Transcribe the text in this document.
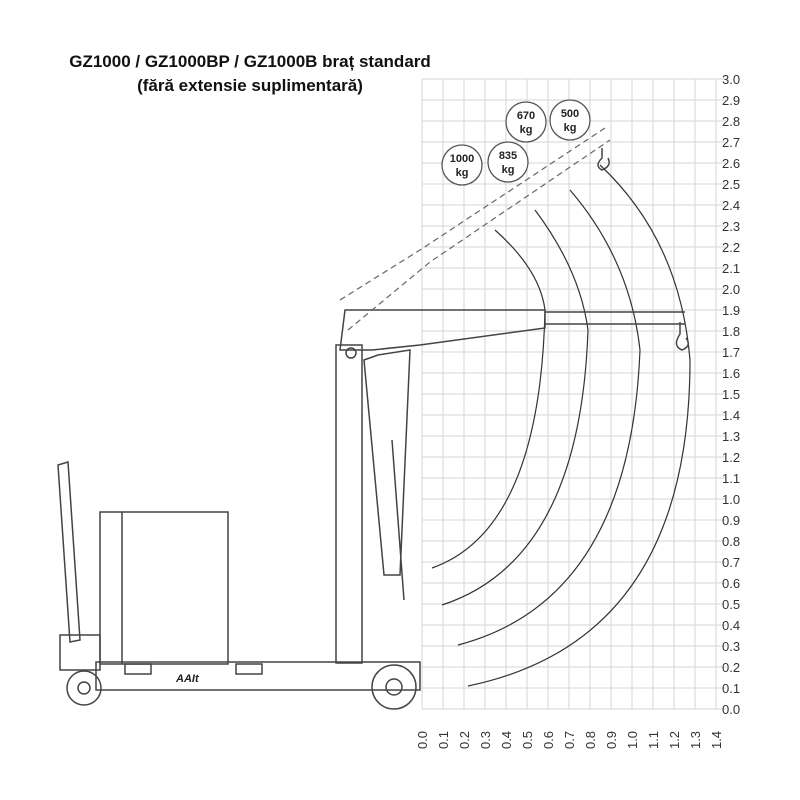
GZ1000 / GZ1000BP / GZ1000B braț standard
(fără extensie suplimentară)
0.0
0.1
0.2
0.3
0.4
0.5
0.6
0.7
0.8
0.9
1.0
1.1
1.2
1.3
1.4
1.5
1.6
1.7
1.8
1.9
2.0
2.1
2.2
2.3
2.4
2.5
2.6
2.7
2.8
2.9
3.0
0.0 0.1 0.2 0.3 0.4 0.5 0.6 0.7 0.8 0.9 1.0 1.1 1.2 1.3 1.4
AAIt
1000
kg
835
kg
670
kg
500
kg
